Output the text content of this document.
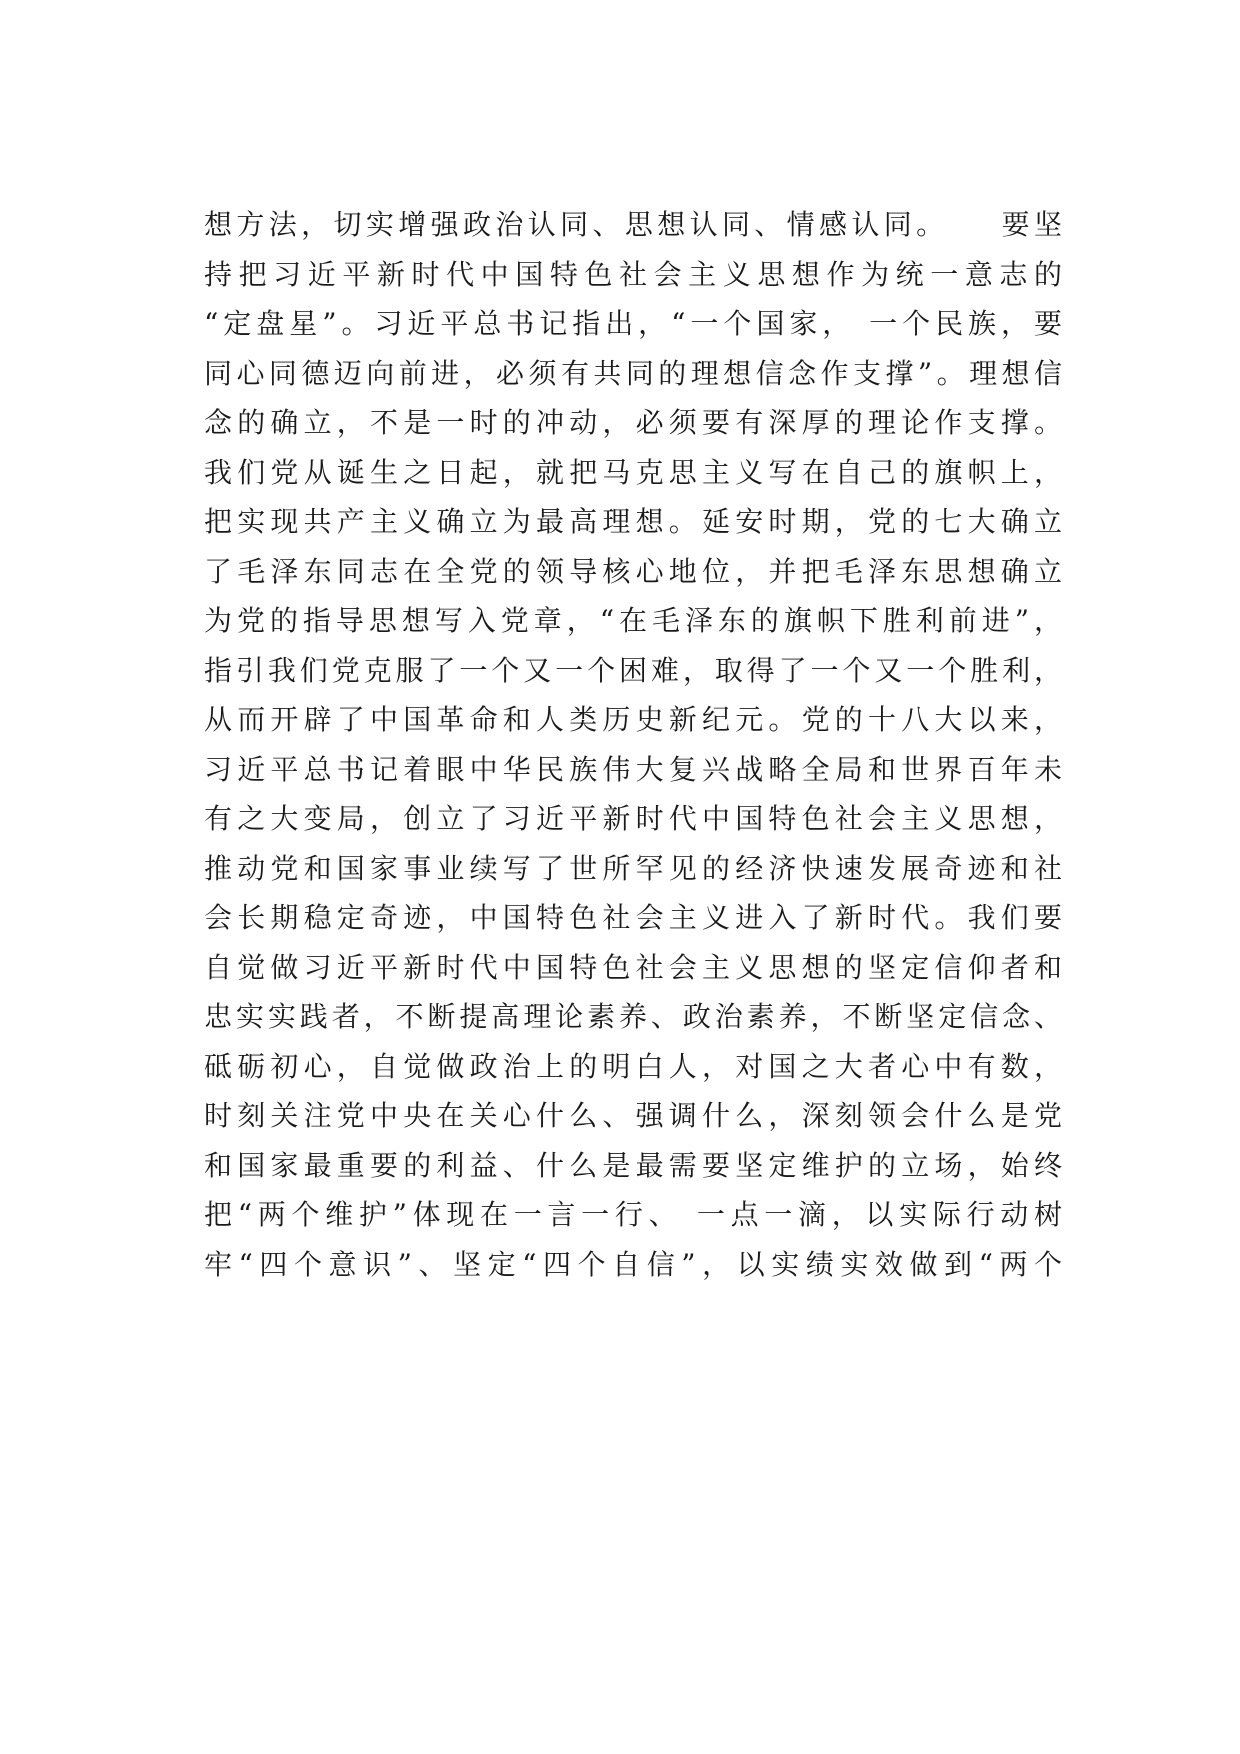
想方法，切实增强政治认同、思想认同、情感认同。    要坚
持把习近平新时代中国特色社会主义思想作为统一意志的
“定盘星”。习近平总书记指出，“一个国家， 一个民族，要
同心同德迈向前进，必须有共同的理想信念作支撑”。理想信
念的确立，不是一时的冲动，必须要有深厚的理论作支撑。
我们党从诞生之日起，就把马克思主义写在自己的旗帜上，
把实现共产主义确立为最高理想。延安时期，党的七大确立
了毛泽东同志在全党的领导核心地位，并把毛泽东思想确立
为党的指导思想写入党章，“在毛泽东的旗帜下胜利前进”，
指引我们党克服了一个又一个困难，取得了一个又一个胜利，
从而开辟了中国革命和人类历史新纪元。党的十八大以来，
习近平总书记着眼中华民族伟大复兴战略全局和世界百年未
有之大变局，创立了习近平新时代中国特色社会主义思想，
推动党和国家事业续写了世所罕见的经济快速发展奇迹和社
会长期稳定奇迹，中国特色社会主义进入了新时代。我们要
自觉做习近平新时代中国特色社会主义思想的坚定信仰者和
忠实实践者，不断提高理论素养、政治素养，不断坚定信念、
砥砺初心，自觉做政治上的明白人，对国之大者心中有数，
时刻关注党中央在关心什么、强调什么，深刻领会什么是党
和国家最重要的利益、什么是最需要坚定维护的立场，始终
把“两个维护”体现在一言一行、 一点一滴，以实际行动树
牢“四个意识”、坚定“四个自信”，以实绩实效做到“两个
